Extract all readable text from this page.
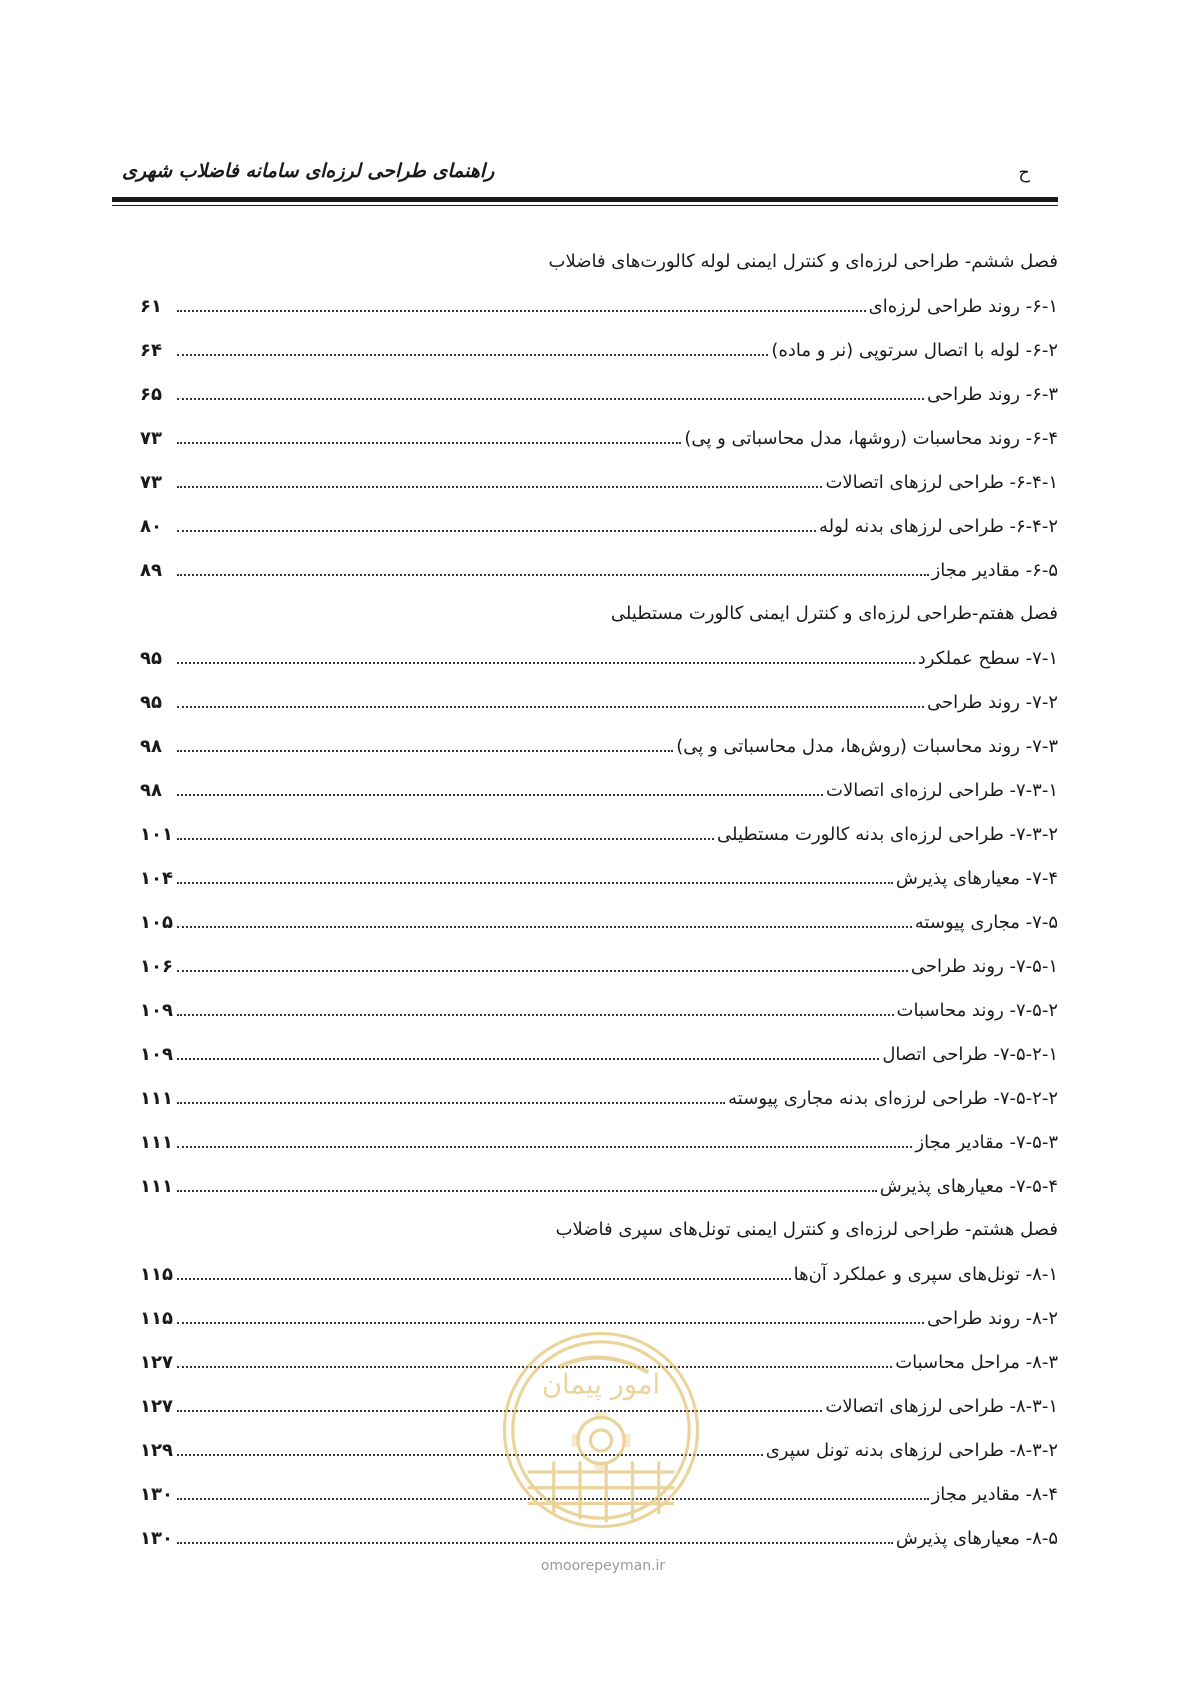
راهنمای طراحی لرزه‌ای سامانه فاضلاب شهری	ح
فصل ششم- طراحی لرزه‌ای و کنترل ایمنی لوله کالورت‌های فاضلاب
۶-۱- روند طراحی لرزه‌ای
۶۱
۶-۲- لوله با اتصال سرتوپی (نر و ماده)
۶۴
۶-۳- روند طراحی
۶۵
۶-۴- روند محاسبات (روشها، مدل محاسباتی و پی)
۷۳
۶-۴-۱- طراحی لرزهای اتصالات
۷۳
۶-۴-۲- طراحی لرزهای بدنه لوله
۸۰
۶-۵- مقادیر مجاز
۸۹
فصل هفتم-طراحی لرزه‌ای و کنترل ایمنی کالورت مستطیلی
۷-۱- سطح عملکرد
۹۵
۷-۲- روند طراحی
۹۵
۷-۳- روند محاسبات (روش‌ها، مدل محاسباتی و پی)
۹۸
۷-۳-۱- طراحی لرزه‌ای اتصالات
۹۸
۷-۳-۲- طراحی لرزه‌ای بدنه کالورت مستطیلی
۱۰۱
۷-۴- معیارهای پذیرش
۱۰۴
۷-۵- مجاری پیوسته
۱۰۵
۷-۵-۱- روند طراحی
۱۰۶
۷-۵-۲- روند محاسبات
۱۰۹
۷-۵-۲-۱- طراحی اتصال
۱۰۹
۷-۵-۲-۲- طراحی لرزه‌ای بدنه مجاری پیوسته
۱۱۱
۷-۵-۳- مقادیر مجاز
۱۱۱
۷-۵-۴- معیارهای پذیرش
۱۱۱
فصل هشتم- طراحی لرزه‌ای و کنترل ایمنی تونل‌های سپری فاضلاب
۸-۱- تونل‌های سپری و عملکرد آن‌ها
۱۱۵
۸-۲- روند طراحی
۱۱۵
۸-۳- مراحل محاسبات
۱۲۷
۸-۳-۱- طراحی لرزهای اتصالات
۱۲۷
۸-۳-۲- طراحی لرزهای بدنه تونل سپری
۱۲۹
۸-۴- مقادیر مجاز
۱۳۰
۸-۵- معیارهای پذیرش
۱۳۰
امور پیمان
omoorepeyman.ir
